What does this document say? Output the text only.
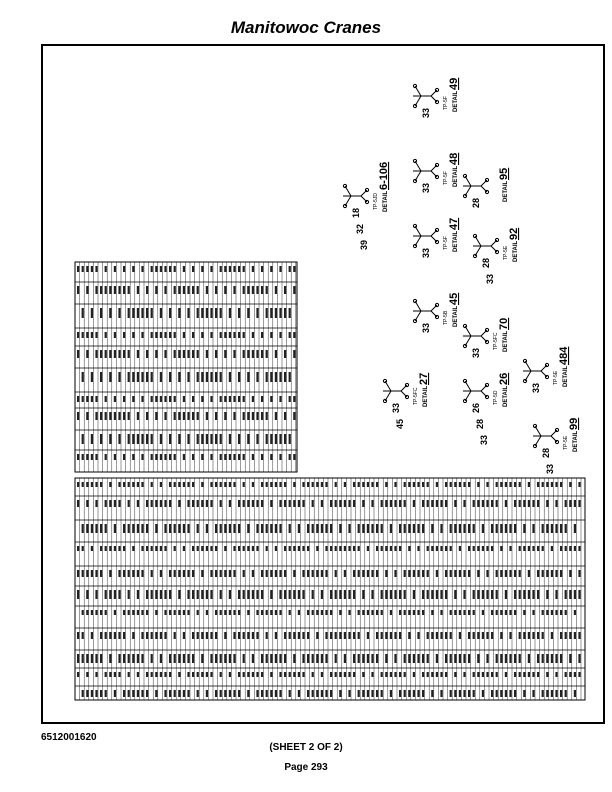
Manitowoc Cranes
18
32
39
TP-5JD DETAIL
6-106
33
TP-5F DETAIL
49
33
TP-5F DETAIL
48
28
DETAIL
95
33
TP-5F DETAIL
47
28
33
TP-5E DETAIL
92
33
TP-5B DETAIL
45
33
TP-5FC DETAIL
70
33
45
TP-5FC DETAIL
27
26
28
33
TP-5D DETAIL
26
33
TP-5E DETAIL
484
28
33
TP-5E DETAIL
99
6512001620
(SHEET 2 OF 2)
Page 293
